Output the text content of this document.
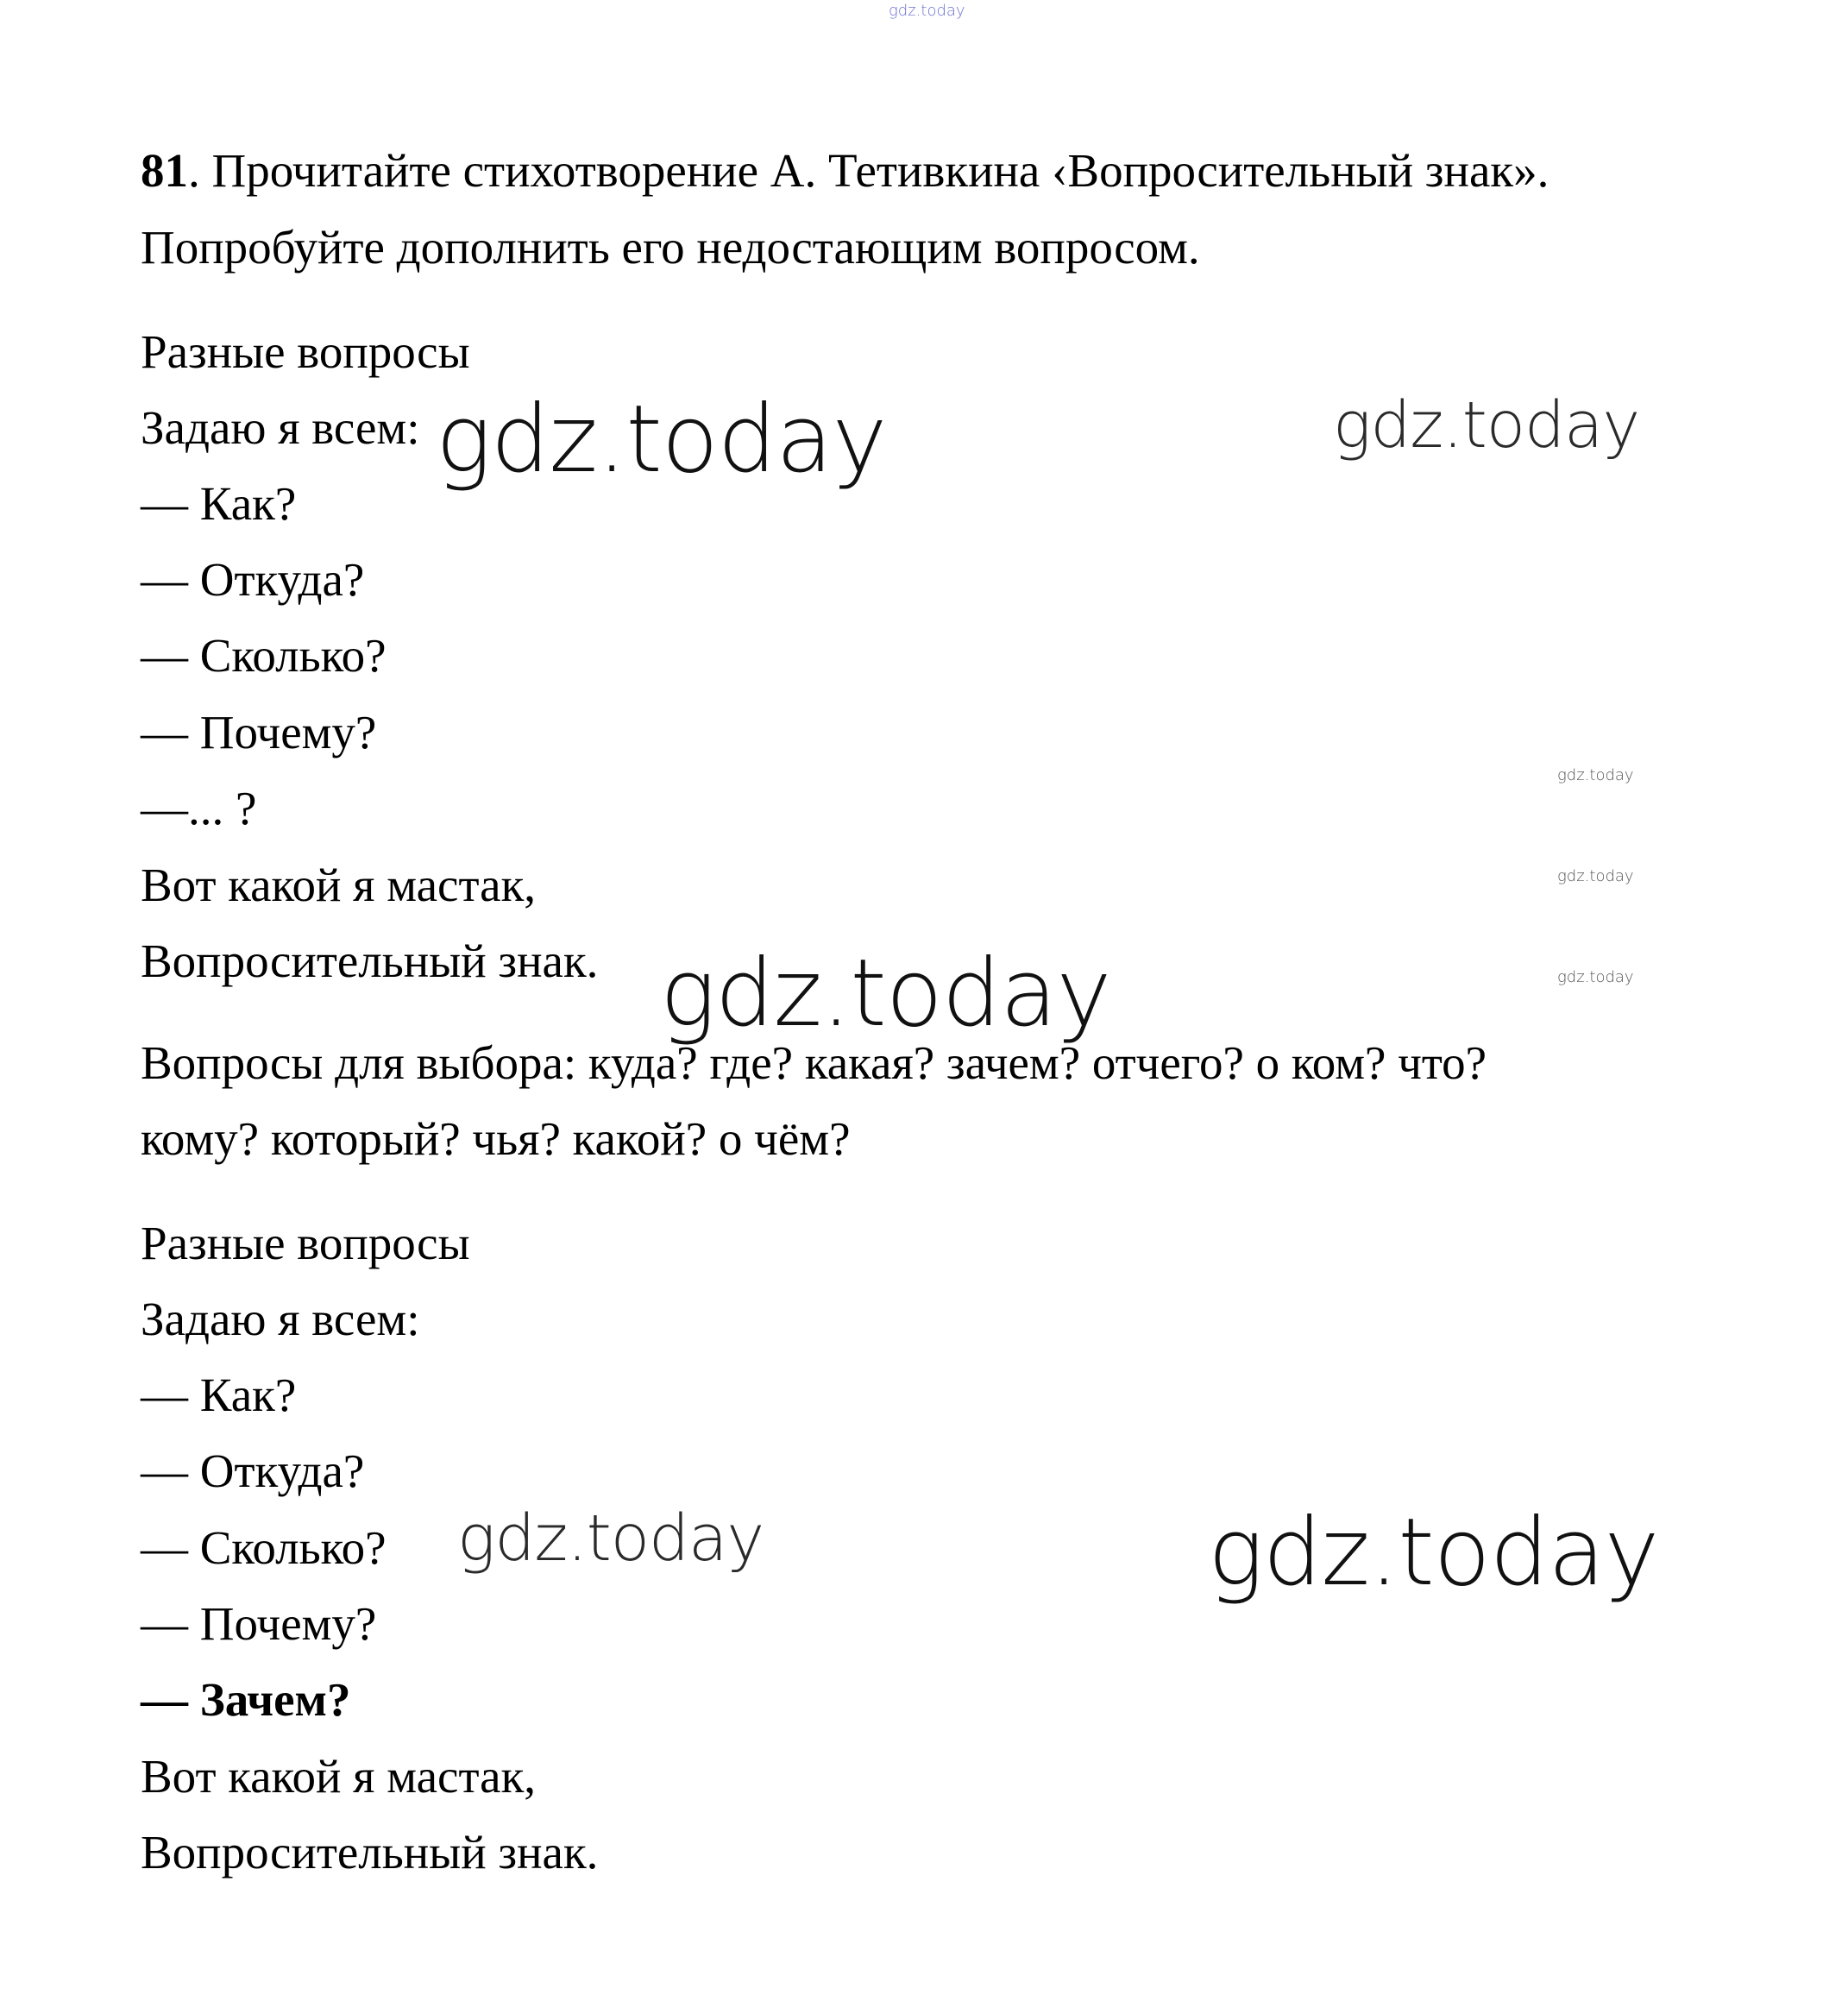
gdz.today
81. Прочитайте стихотворение А. Тетивкина ‹Вопросительный знак».
Попробуйте дополнить его недостающим вопросом.
Разные вопросы
Задаю я всем:
— Как?
— Откуда?
— Сколько?
— Почему?
—... ?
Вот какой я мастак,
Вопросительный знак.
Вопросы для выбора: куда? где? какая? зачем? отчего? о ком? что?
кому? который? чья? какой? о чём?
Разные вопросы
Задаю я всем:
— Как?
— Откуда?
— Сколько?
— Почему?
— Зачем?
Вот какой я мастак,
Вопросительный знак.
gdz.today	gdz.today
gdz.today
gdz.today
gdz.today
gdz.today
gdz.today	gdz.today
